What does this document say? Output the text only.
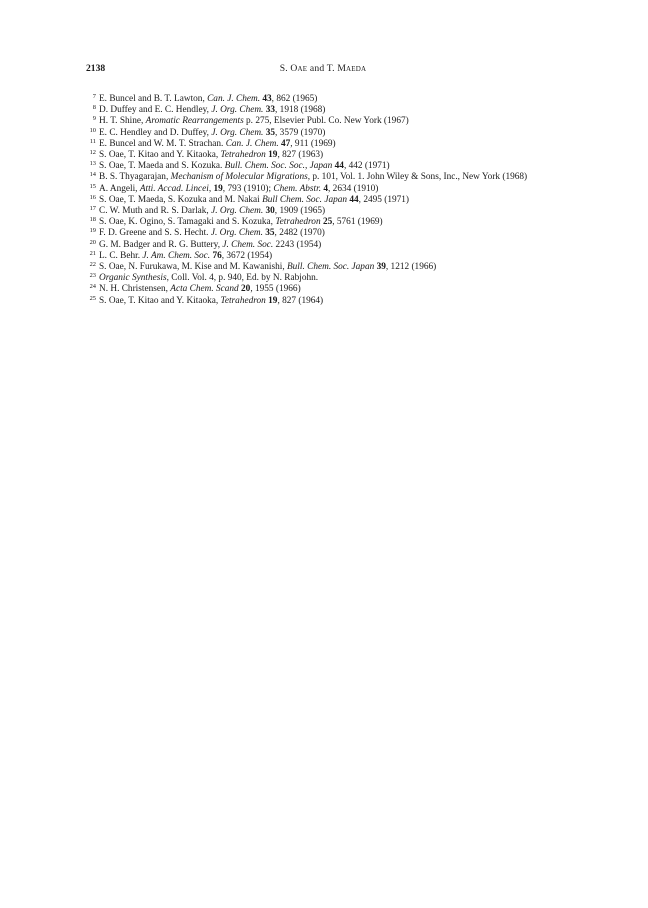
2138	S. Oae and T. Maeda
7 E. Buncel and B. T. Lawton, Can. J. Chem. 43, 862 (1965)
8 D. Duffey and E. C. Hendley, J. Org. Chem. 33, 1918 (1968)
9 H. T. Shine, Aromatic Rearrangements p. 275, Elsevier Publ. Co. New York (1967)
10 E. C. Hendley and D. Duffey, J. Org. Chem. 35, 3579 (1970)
11 E. Buncel and W. M. T. Strachan. Can. J. Chem. 47, 911 (1969)
12 S. Oae, T. Kitao and Y. Kitaoka, Tetrahedron 19, 827 (1963)
13 S. Oae, T. Maeda and S. Kozuka. Bull. Chem. Soc. Soc., Japan 44, 442 (1971)
14 B. S. Thyagarajan, Mechanism of Molecular Migrations, p. 101, Vol. 1. John Wiley & Sons, Inc., New York (1968)
15 A. Angeli, Atti. Accad. Lincei, 19, 793 (1910); Chem. Abstr. 4, 2634 (1910)
16 S. Oae, T. Maeda, S. Kozuka and M. Nakai Bull Chem. Soc. Japan 44, 2495 (1971)
17 C. W. Muth and R. S. Darlak, J. Org. Chem. 30, 1909 (1965)
18 S. Oae, K. Ogino, S. Tamagaki and S. Kozuka, Tetrahedron 25, 5761 (1969)
19 F. D. Greene and S. S. Hecht. J. Org. Chem. 35, 2482 (1970)
20 G. M. Badger and R. G. Buttery, J. Chem. Soc. 2243 (1954)
21 L. C. Behr. J. Am. Chem. Soc. 76, 3672 (1954)
22 S. Oae, N. Furukawa, M. Kise and M. Kawanishi, Bull. Chem. Soc. Japan 39, 1212 (1966)
23 Organic Synthesis, Coll. Vol. 4, p. 940, Ed. by N. Rabjohn.
24 N. H. Christensen, Acta Chem. Scand 20, 1955 (1966)
25 S. Oae, T. Kitao and Y. Kitaoka, Tetrahedron 19, 827 (1964)
